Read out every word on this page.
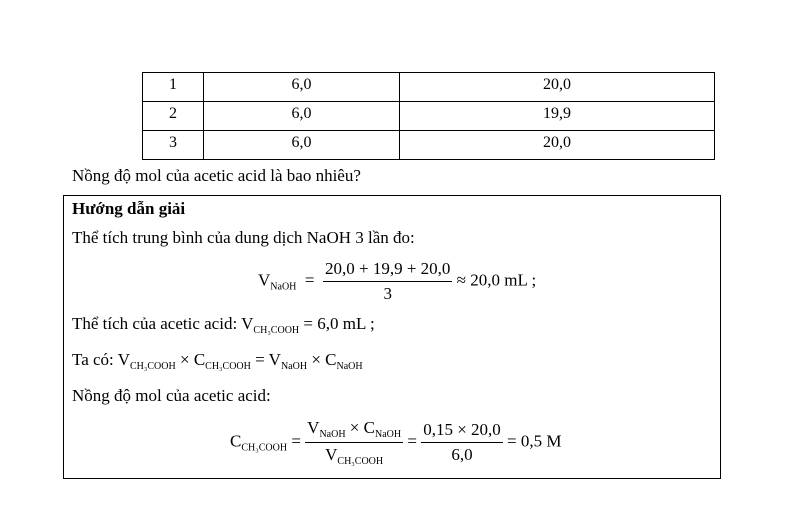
1	6,0	20,0
2	6,0	19,9
3	6,0	20,0
Nồng độ mol của acetic acid là bao nhiêu?
Hướng dẫn giải
Thể tích trung bình của dung dịch NaOH 3 lần đo:
$V_{NaOH} = \frac{20,0 + 19,9 + 20,0}{3} \approx 20,0$ mL ;
Thể tích của acetic acid: $V_{CH_3COOH} = 6,0$ mL ;
Ta có: $V_{CH_3COOH} \times C_{CH_3COOH} = V_{NaOH} \times C_{NaOH}$
Nồng độ mol của acetic acid:
$C_{CH_3COOH} = \frac{V_{NaOH} \times C_{NaOH}}{V_{CH_3COOH}} = \frac{0,15 \times 20,0}{6,0} = 0,5$ M
